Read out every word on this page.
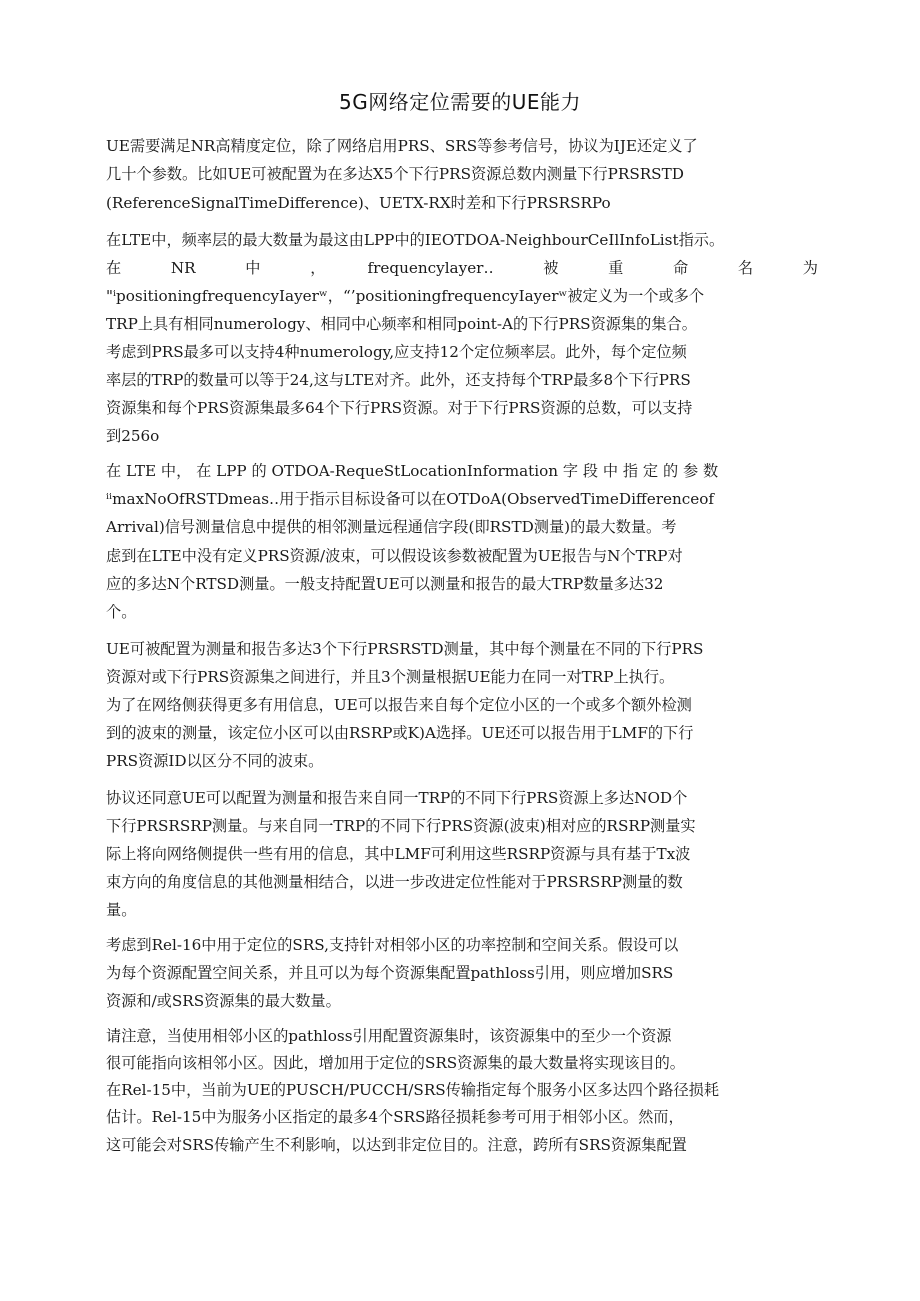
5G网络定位需要的UE能力
UE需要满足NR高精度定位，除了网络启用PRS、SRS等参考信号，协议为IJE还定义了
几十个参数。比如UE可被配置为在多达X5个下行PRS资源总数内测量下行PRSRSTD
(ReferenceSignalTimeDifference)、UETX-RX时差和下行PRSRSRPo
在LTE中，频率层的最大数量为最这由LPP中的IEOTDOA-NeighbourCeIlInfoList指示。
在　　　NR　　　中　　　，　　　frequencylayer‥　　　被　　　重　　　命　　　名　　　为
"ⁱpositioningfrequencyIayerʷ，“’positioningfrequencyIayerʷ被定义为一个或多个
TRP上具有相同numerology、相同中心频率和相同point-A的下行PRS资源集的集合。
考虑到PRS最多可以支持4种numerology,应支持12个定位频率层。此外，每个定位频
率层的TRP的数量可以等于24,这与LTE对齐。此外，还支持每个TRP最多8个下行PRS
资源集和每个PRS资源集最多64个下行PRS资源。对于下行PRS资源的总数，可以支持
到256o
在 LTE 中， 在 LPP 的 OTDOA-RequeStLocationInformation 字 段 中 指 定 的 参 数
ⁱⁱmaxNoOfRSTDmeas‥用于指示目标设备可以在OTDoA(ObservedTimeDifferenceof
Arrival)信号测量信息中提供的相邻测量远程通信字段(即RSTD测量)的最大数量。考
虑到在LTE中没有定义PRS资源/波束，可以假设该参数被配置为UE报告与N个TRP对
应的多达N个RTSD测量。一般支持配置UE可以测量和报告的最大TRP数量多达32
个。
UE可被配置为测量和报告多达3个下行PRSRSTD测量，其中每个测量在不同的下行PRS
资源对或下行PRS资源集之间进行，并且3个测量根据UE能力在同一对TRP上执行。
为了在网络侧获得更多有用信息，UE可以报告来自每个定位小区的一个或多个额外检测
到的波束的测量，该定位小区可以由RSRP或K)A选择。UE还可以报告用于LMF的下行
PRS资源ID以区分不同的波束。
协议还同意UE可以配置为测量和报告来自同一TRP的不同下行PRS资源上多达NOD个
下行PRSRSRP测量。与来自同一TRP的不同下行PRS资源(波束)相对应的RSRP测量实
际上将向网络侧提供一些有用的信息，其中LMF可利用这些RSRP资源与具有基于Tx波
束方向的角度信息的其他测量相结合，以进一步改进定位性能对于PRSRSRP测量的数
量。
考虑到Rel-16中用于定位的SRS,支持针对相邻小区的功率控制和空间关系。假设可以
为每个资源配置空间关系，并且可以为每个资源集配置pathloss引用，则应增加SRS
资源和/或SRS资源集的最大数量。
请注意，当使用相邻小区的pathloss引用配置资源集时，该资源集中的至少一个资源
很可能指向该相邻小区。因此，增加用于定位的SRS资源集的最大数量将实现该目的。
在Rel-15中，当前为UE的PUSCH/PUCCH/SRS传输指定每个服务小区多达四个路径损耗
估计。Rel-15中为服务小区指定的最多4个SRS路径损耗参考可用于相邻小区。然而，
这可能会对SRS传输产生不利影响，以达到非定位目的。注意，跨所有SRS资源集配置
